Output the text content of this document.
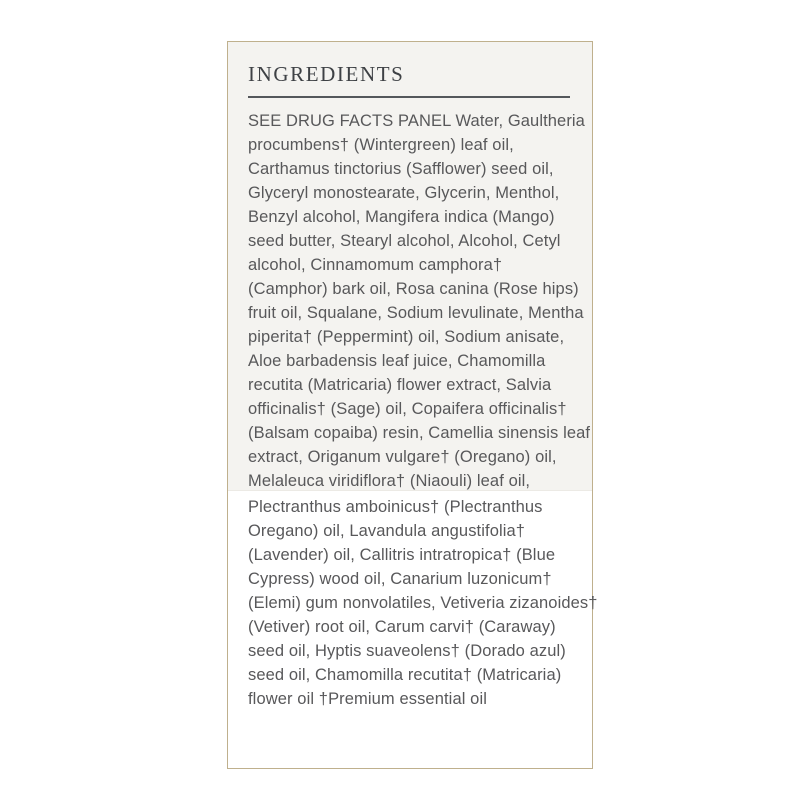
INGREDIENTS
SEE DRUG FACTS PANEL Water, Gaultheria
procumbens† (Wintergreen) leaf oil,
Carthamus tinctorius (Safflower) seed oil,
Glyceryl monostearate, Glycerin, Menthol,
Benzyl alcohol, Mangifera indica (Mango)
seed butter, Stearyl alcohol, Alcohol, Cetyl
alcohol, Cinnamomum camphora†
(Camphor) bark oil, Rosa canina (Rose hips)
fruit oil, Squalane, Sodium levulinate, Mentha
piperita† (Peppermint) oil, Sodium anisate,
Aloe barbadensis leaf juice, Chamomilla
recutita (Matricaria) flower extract, Salvia
officinalis† (Sage) oil, Copaifera officinalis†
(Balsam copaiba) resin, Camellia sinensis leaf
extract, Origanum vulgare† (Oregano) oil,
Melaleuca viridiflora† (Niaouli) leaf oil,
Plectranthus amboinicus† (Plectranthus
Oregano) oil, Lavandula angustifolia†
(Lavender) oil, Callitris intratropica† (Blue
Cypress) wood oil, Canarium luzonicum†
(Elemi) gum nonvolatiles, Vetiveria zizanoides†
(Vetiver) root oil, Carum carvi† (Caraway)
seed oil, Hyptis suaveolens† (Dorado azul)
seed oil, Chamomilla recutita† (Matricaria)
flower oil †Premium essential oil
